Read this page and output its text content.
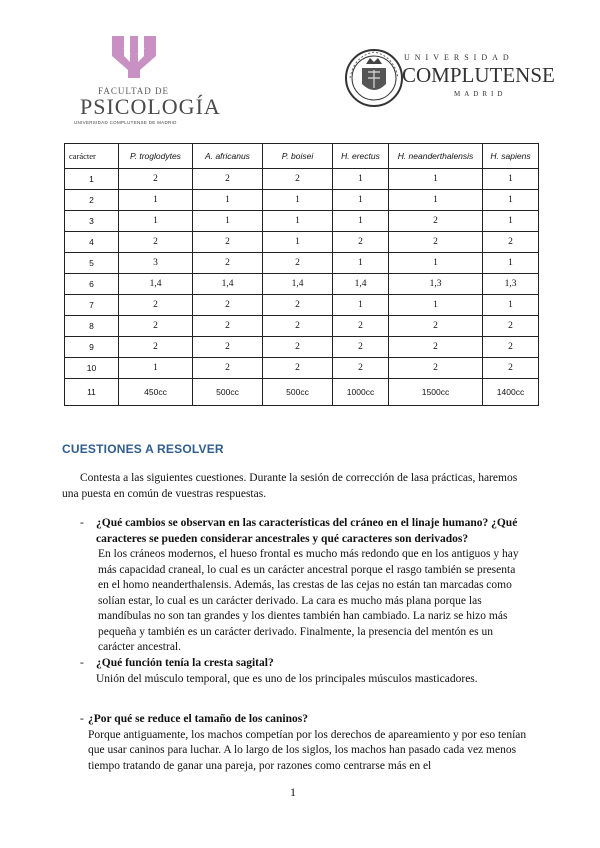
FACULTAD DE
PSICOLOGÍA
UNIVERSIDAD COMPLUTENSE DE MADRID
UNIVERSIDAD
COMPLUTENSE
MADRID
carácter	P. troglodytes	A. africanus	P. boisei	H. erectus	H. neanderthalensis	H. sapiens
1	2	2	2	1	1	1
2	1	1	1	1	1	1
3	1	1	1	1	2	1
4	2	2	1	2	2	2
5	3	2	2	1	1	1
6	1,4	1,4	1,4	1,4	1,3	1,3
7	2	2	2	1	1	1
8	2	2	2	2	2	2
9	2	2	2	2	2	2
10	1	2	2	2	2	2
11	450cc	500cc	500cc	1000cc	1500cc	1400cc
CUESTIONES A RESOLVER
Contesta a las siguientes cuestiones. Durante la sesión de corrección de lasa prácticas, haremos una puesta en común de vuestras respuestas.
-	¿Qué cambios se observan en las características del cráneo en el linaje humano? ¿Qué caracteres se pueden considerar ancestrales y qué caracteres son derivados?
En los cráneos modernos, el hueso frontal es mucho más redondo que en los antiguos y hay más capacidad craneal, lo cual es un carácter ancestral porque el rasgo también se presenta en el homo neanderthalensis. Además, las crestas de las cejas no están tan marcadas como solían estar, lo cual es un carácter derivado. La cara es mucho más plana porque las mandíbulas no son tan grandes y los dientes también han cambiado. La nariz se hizo más pequeña y también es un carácter derivado. Finalmente, la presencia del mentón es un carácter ancestral.
-	¿Qué función tenía la cresta sagital?
Unión del músculo temporal, que es uno de los principales músculos masticadores.
- ¿Por qué se reduce el tamaño de los caninos?
Porque antiguamente, los machos competían por los derechos de apareamiento y por eso tenían que usar caninos para luchar. A lo largo de los siglos, los machos han pasado cada vez menos tiempo tratando de ganar una pareja, por razones como centrarse más en el
1
